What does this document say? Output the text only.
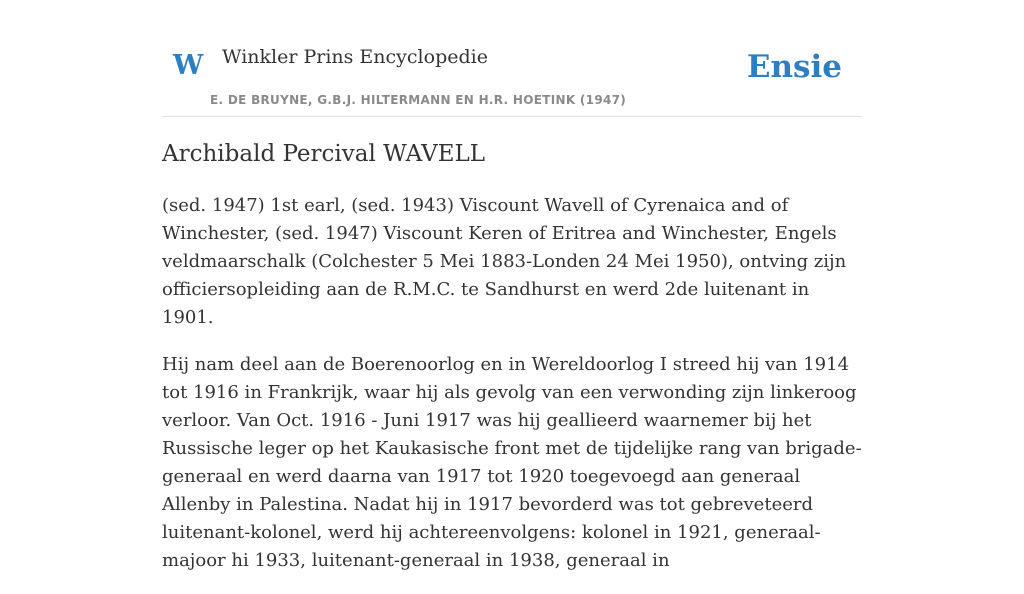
W Winkler Prins Encyclopedie
E. DE BRUYNE, G.B.J. HILTERMANN EN H.R. HOETINK (1947)
Ensie
Archibald Percival WAVELL

(sed. 1947) 1st earl, (sed. 1943) Viscount Wavell of Cyrenaica and of Winchester, (sed. 1947) Viscount Keren of Eritrea and Winchester, Engels veldmaarschalk (Colchester 5 Mei 1883-Londen 24 Mei 1950), ontving zijn officiersopleiding aan de R.M.C. te Sandhurst en werd 2de luitenant in 1901.

Hij nam deel aan de Boerenoorlog en in Wereldoorlog I streed hij van 1914 tot 1916 in Frankrijk, waar hij als gevolg van een verwonding zijn linkeroog verloor. Van Oct. 1916 - Juni 1917 was hij geallieerd waarnemer bij het Russische leger op het Kaukasische front met de tijdelijke rang van brigade-generaal en werd daarna van 1917 tot 1920 toegevoegd aan generaal Allenby in Palestina. Nadat hij in 1917 bevorderd was tot gebreveteerd luitenant-kolonel, werd hij achtereenvolgens: kolonel in 1921, generaal-majoor hi 1933, luitenant-generaal in 1938, generaal in
